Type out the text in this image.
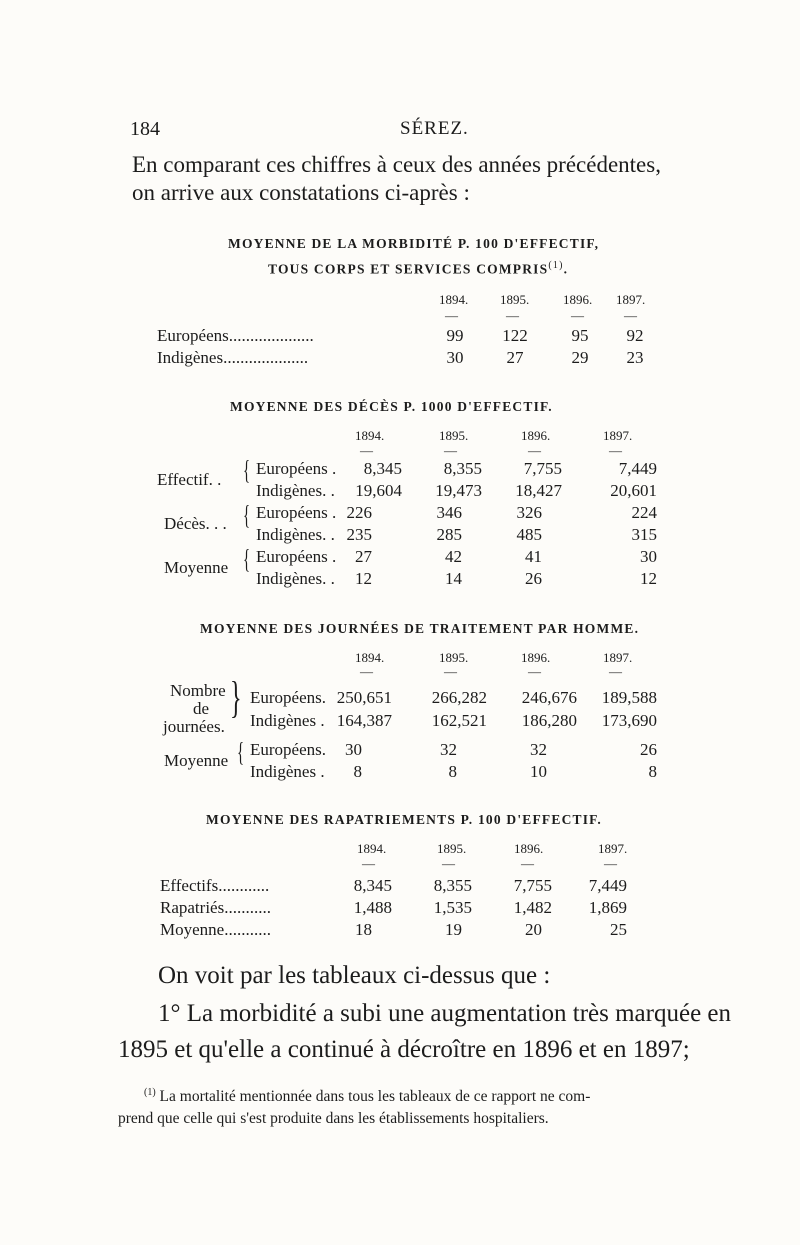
184	SÉREZ.
En comparant ces chiffres à ceux des années précédentes,
on arrive aux constatations ci-après :
MOYENNE DE LA MORBIDITÉ P. 100 D'EFFECTIF,
TOUS CORPS ET SERVICES COMPRIS$^{(1)}$.
1894. 1895.	1896. 1897.
—	—	—	—
Européens....................	99	122	95	92
Indigènes....................	30	27	29	23
MOYENNE DES DÉCÈS P. 1000 D'EFFECTIF.
1894.	1895.	1896.	1897.
—	—	—	—
Effectif. . { Européens .	8,345	8,355	7,755	7,449
Indigènes. .	19,604	19,473	18,427	20,601
Décès. . . { Européens . 226	346	326	224
Indigènes. . 235	285	485	315
Moyenne { Européens .	27	42	41	30
Indigènes. .	12	14	26	12
MOYENNE DES JOURNÉES DE TRAITEMENT PAR HOMME.
1894.	1895.	1896.	1897.
—	—	—	—
Nombre
de
journées.
} Européens. 250,651	266,282	246,676	189,588
Indigènes . 164,387	162,521	186,280	173,690
Moyenne { Européens.	30	32	32	26
Indigènes .	8	8	10	8
MOYENNE DES RAPATRIEMENTS P. 100 D'EFFECTIF.
1894.	1895.	1896.	1897.
—	—	—	—
Effectifs............	8,345	8,355	7,755	7,449
Rapatriés...........	1,488	1,535	1,482	1,869
Moyenne...........	18	19	20	25
On voit par les tableaux ci-dessus que :
1° La morbidité a subi une augmentation très marquée en
1895 et qu'elle a continué à décroître en 1896 et en 1897;
$^{(1)}$ La mortalité mentionnée dans tous les tableaux de ce rapport ne com-
prend que celle qui s'est produite dans les établissements hospitaliers.
